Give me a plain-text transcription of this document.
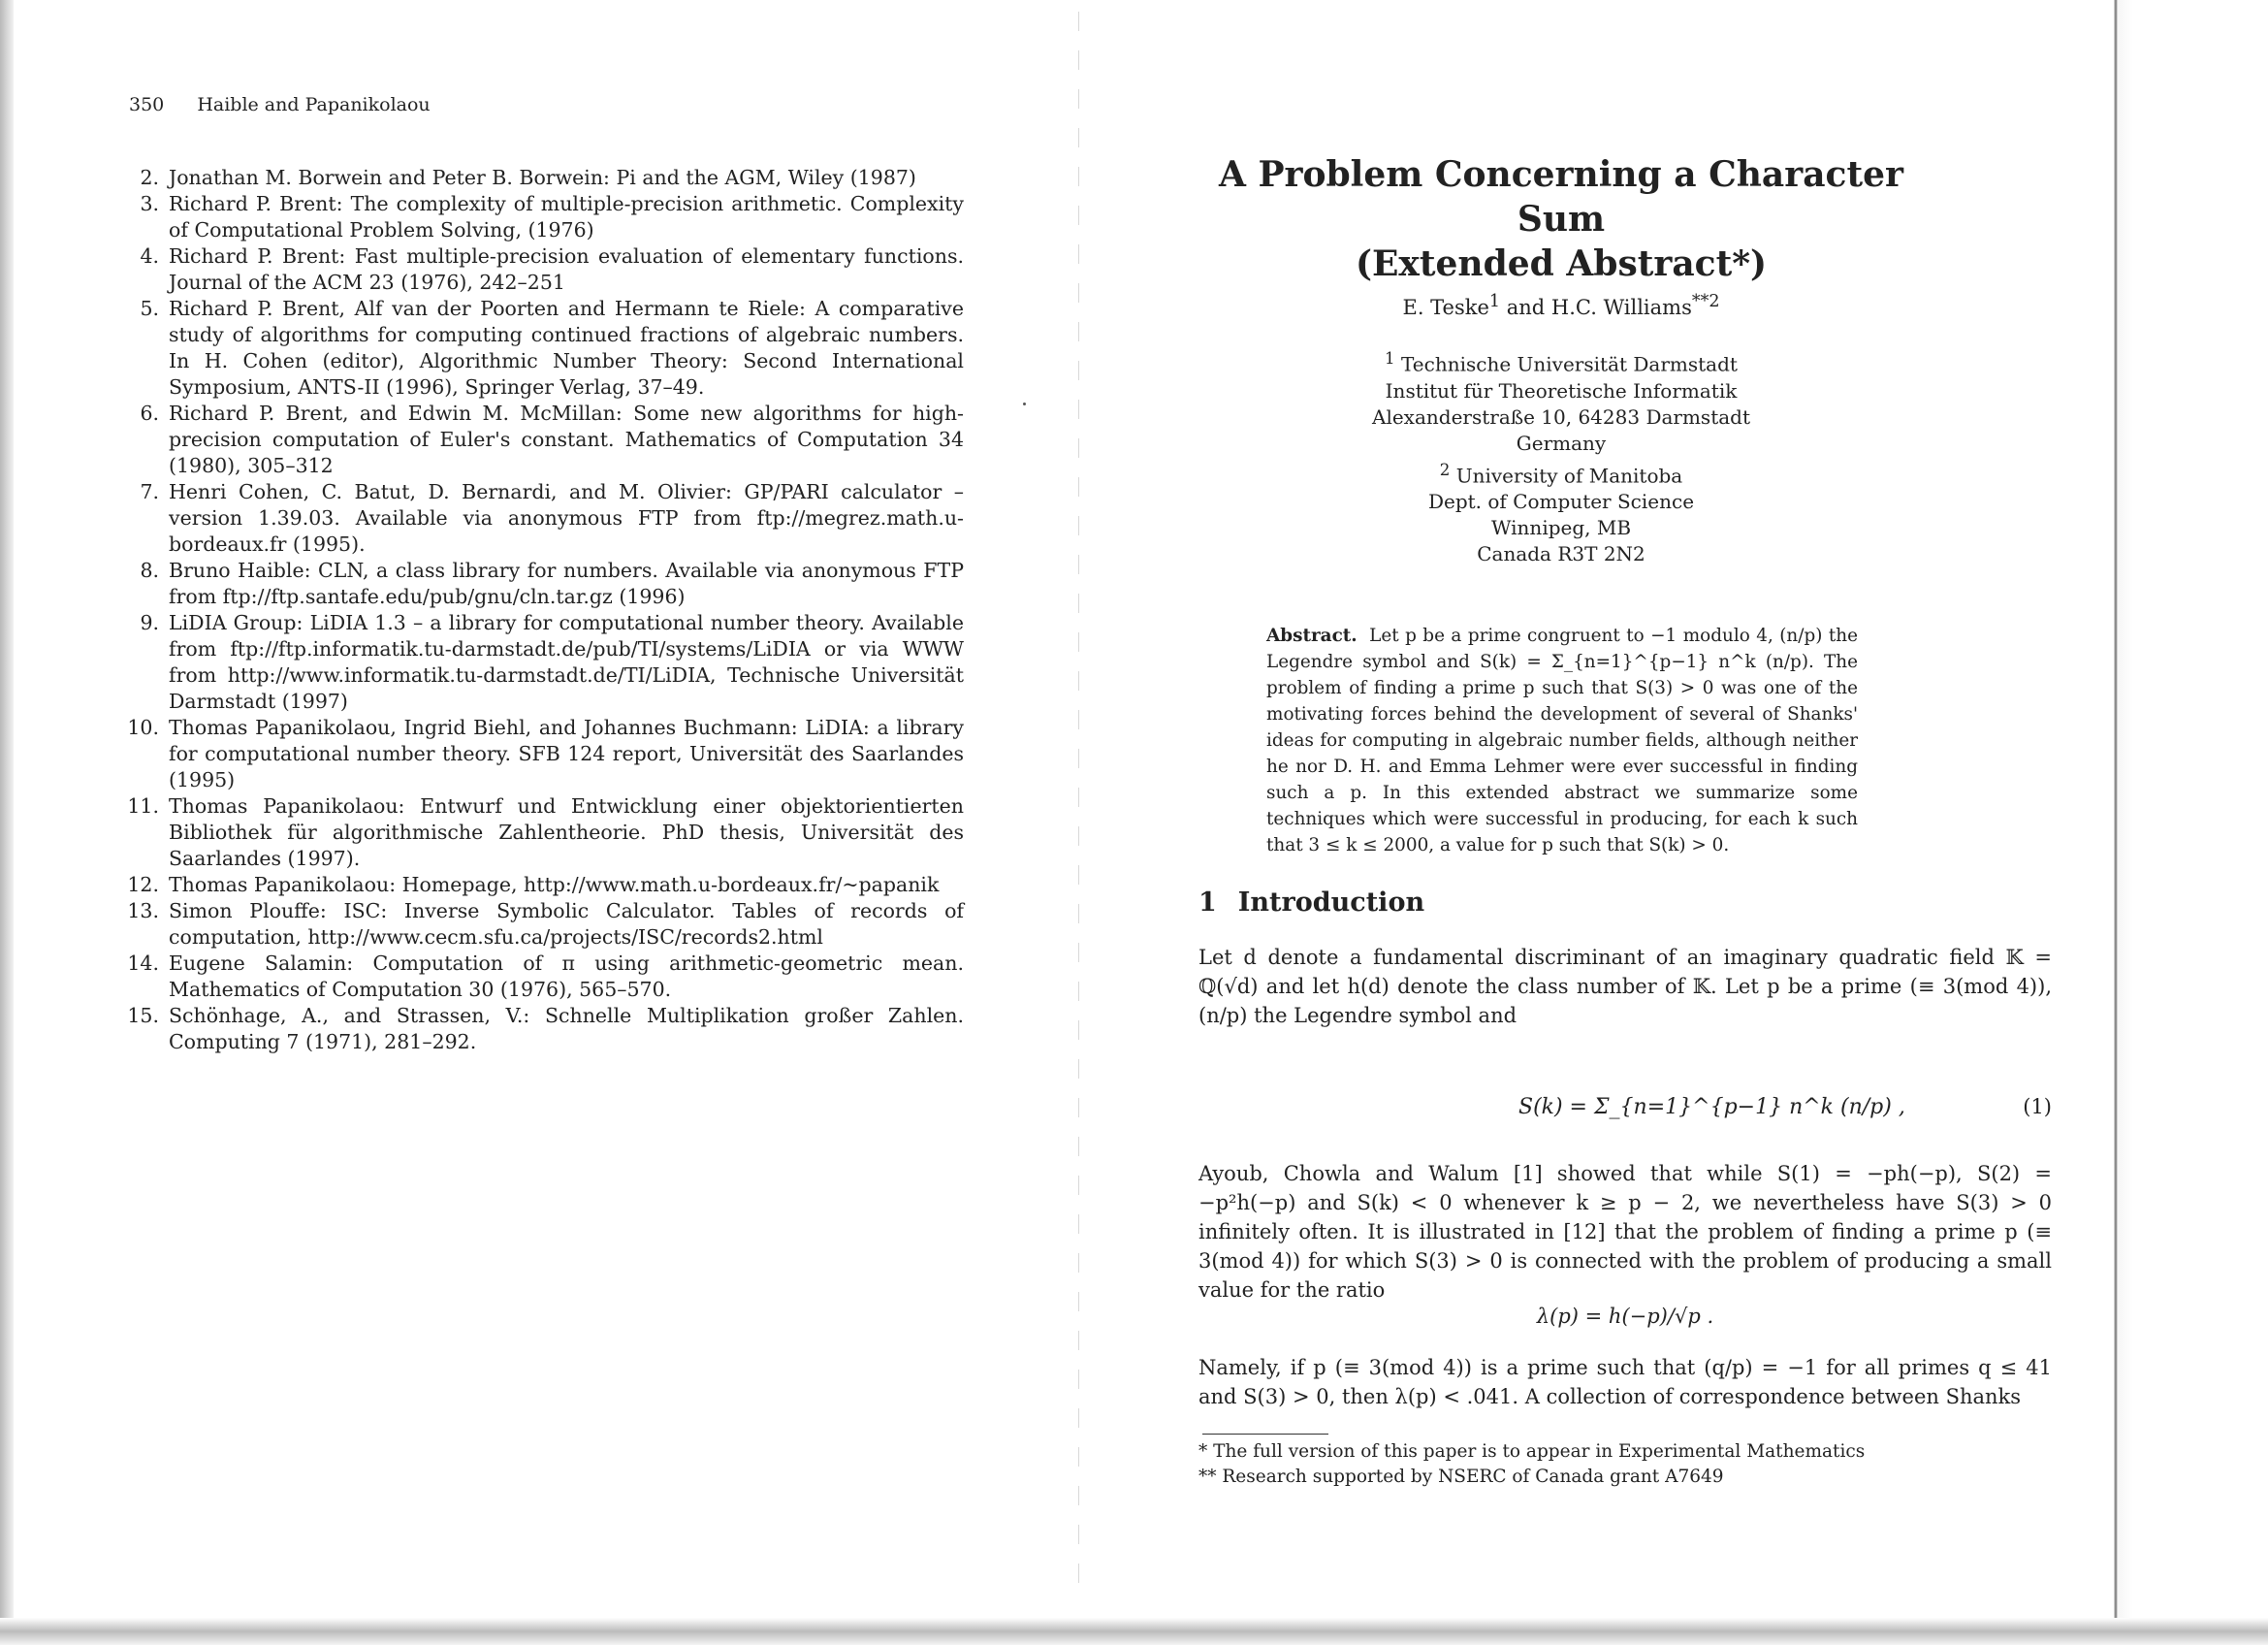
350 Haible and Papanikolaou
2. Jonathan M. Borwein and Peter B. Borwein: Pi and the AGM, Wiley (1987)
3. Richard P. Brent: The complexity of multiple-precision arithmetic. Complexity of Computational Problem Solving, (1976)
4. Richard P. Brent: Fast multiple-precision evaluation of elementary functions. Journal of the ACM 23 (1976), 242–251
5. Richard P. Brent, Alf van der Poorten and Hermann te Riele: A comparative study of algorithms for computing continued fractions of algebraic numbers. In H. Cohen (editor), Algorithmic Number Theory: Second International Symposium, ANTS-II (1996), Springer Verlag, 37–49.
6. Richard P. Brent, and Edwin M. McMillan: Some new algorithms for high-precision computation of Euler's constant. Mathematics of Computation 34 (1980), 305–312
7. Henri Cohen, C. Batut, D. Bernardi, and M. Olivier: GP/PARI calculator – version 1.39.03. Available via anonymous FTP from ftp://megrez.math.u-bordeaux.fr (1995).
8. Bruno Haible: CLN, a class library for numbers. Available via anonymous FTP from ftp://ftp.santafe.edu/pub/gnu/cln.tar.gz (1996)
9. LiDIA Group: LiDIA 1.3 – a library for computational number theory. Available from ftp://ftp.informatik.tu-darmstadt.de/pub/TI/systems/LiDIA or via WWW from http://www.informatik.tu-darmstadt.de/TI/LiDIA, Technische Universität Darmstadt (1997)
10. Thomas Papanikolaou, Ingrid Biehl, and Johannes Buchmann: LiDIA: a library for computational number theory. SFB 124 report, Universität des Saarlandes (1995)
11. Thomas Papanikolaou: Entwurf und Entwicklung einer objektorientierten Bibliothek für algorithmische Zahlentheorie. PhD thesis, Universität des Saarlandes (1997).
12. Thomas Papanikolaou: Homepage, http://www.math.u-bordeaux.fr/~papanik
13. Simon Plouffe: ISC: Inverse Symbolic Calculator. Tables of records of computation, http://www.cecm.sfu.ca/projects/ISC/records2.html
14. Eugene Salamin: Computation of π using arithmetic-geometric mean. Mathematics of Computation 30 (1976), 565–570.
15. Schönhage, A., and Strassen, V.: Schnelle Multiplikation großer Zahlen. Computing 7 (1971), 281–292.
A Problem Concerning a Character Sum
(Extended Abstract*)
E. Teske$^1$ and H.C. Williams$^{**2}$
$^1$ Technische Universität Darmstadt
Institut für Theoretische Informatik
Alexanderstraße 10, 64283 Darmstadt
Germany
$^2$ University of Manitoba
Dept. of Computer Science
Winnipeg, MB
Canada R3T 2N2
Abstract. Let p be a prime congruent to −1 modulo 4, (n/p) the Legendre symbol and S(k) = Σ_{n=1}^{p−1} n^k (n/p). The problem of finding a prime p such that S(3) > 0 was one of the motivating forces behind the development of several of Shanks' ideas for computing in algebraic number fields, although neither he nor D. H. and Emma Lehmer were ever successful in finding such a p. In this extended abstract we summarize some techniques which were successful in producing, for each k such that 3 ≤ k ≤ 2000, a value for p such that S(k) > 0.
1 Introduction
Let d denote a fundamental discriminant of an imaginary quadratic field 𝕂 = ℚ(√d) and let h(d) denote the class number of 𝕂. Let p be a prime (≡ 3(mod 4)), (n/p) the Legendre symbol and
S(k) = Σ_{n=1}^{p−1} n^k (n/p) ,	(1)
Ayoub, Chowla and Walum [1] showed that while S(1) = −ph(−p), S(2) = −p²h(−p) and S(k) < 0 whenever k ≥ p − 2, we nevertheless have S(3) > 0 infinitely often. It is illustrated in [12] that the problem of finding a prime p (≡ 3(mod 4)) for which S(3) > 0 is connected with the problem of producing a small value for the ratio
λ(p) = h(−p)/√p .
Namely, if p (≡ 3(mod 4)) is a prime such that (q/p) = −1 for all primes q ≤ 41 and S(3) > 0, then λ(p) < .041. A collection of correspondence between Shanks
* The full version of this paper is to appear in Experimental Mathematics
** Research supported by NSERC of Canada grant A7649
